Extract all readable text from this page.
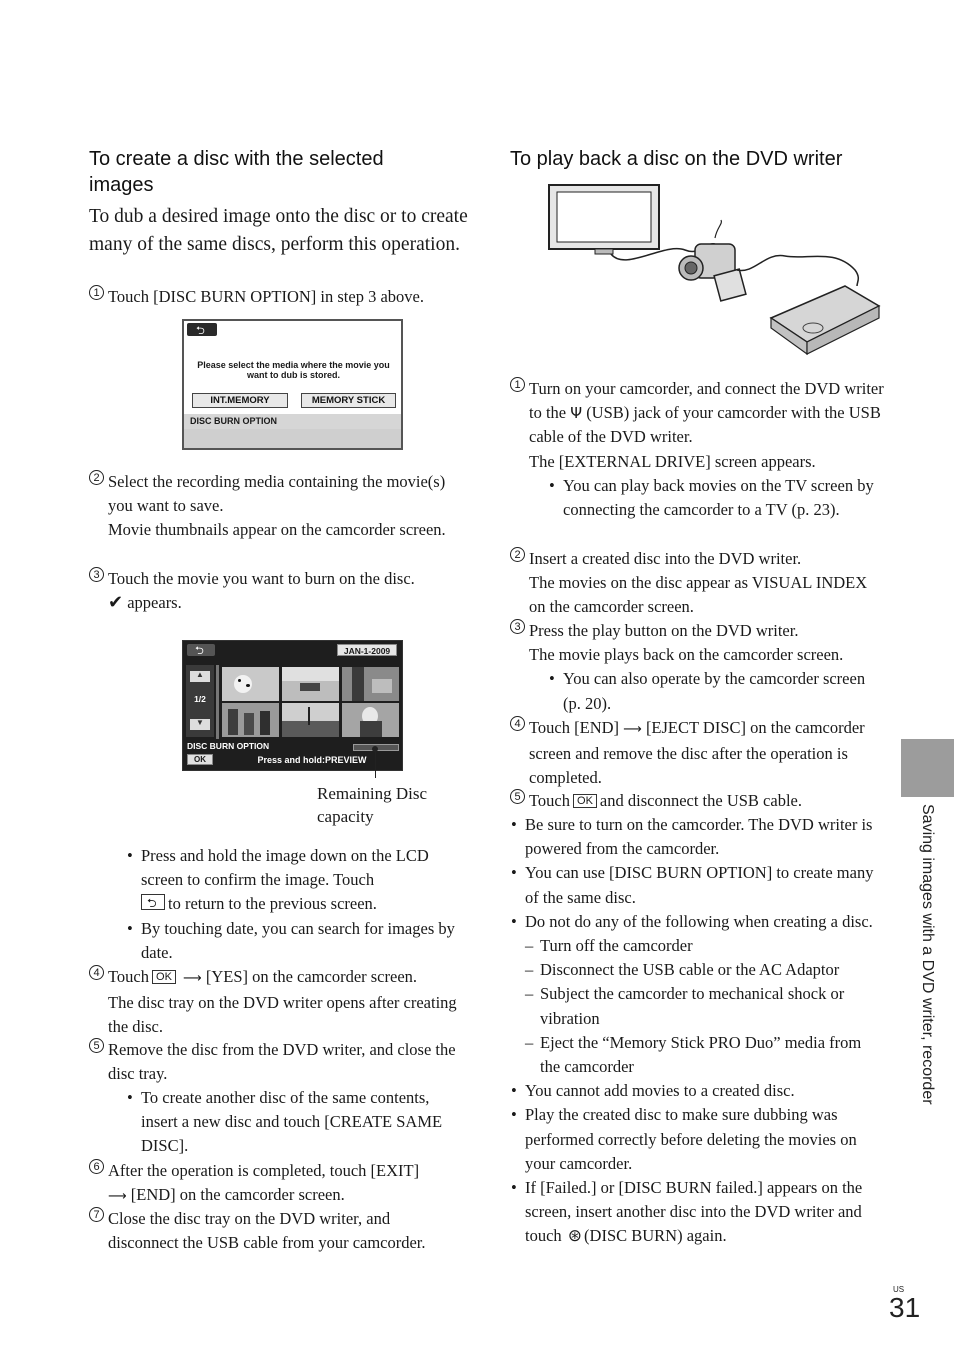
To create a disc with the selected images
To dub a desired image onto the disc or to create many of the same discs, perform this operation.
1 Touch [DISC BURN OPTION] in step 3 above.
⮌
Please select the media where the movie you want to dub is stored.
INT.MEMORY	MEMORY STICK
DISC BURN OPTION
2 Select the recording media containing the movie(s) you want to save.
Movie thumbnails appear on the camcorder screen.
3 Touch the movie you want to burn on the disc.
✔ appears.
⮌	JAN-1-2009
▲
1/2
▼
DISC BURN OPTION
OK	Press and hold:PREVIEW
Remaining Disc capacity
• Press and hold the image down on the LCD screen to confirm the image. Touch

⮌ to return to the previous screen.
• By touching date, you can search for images by date.
4 Touch OK ⟶ [YES] on the camcorder screen.
The disc tray on the DVD writer opens after creating the disc.
5 Remove the disc from the DVD writer, and close the disc tray.
• To create another disc of the same contents, insert a new disc and touch [CREATE SAME DISC].
6 After the operation is completed, touch [EXIT]
⟶ [END] on the camcorder screen.
7 Close the disc tray on the DVD writer, and disconnect the USB cable from your camcorder.
To play back a disc on the DVD writer
1 Turn on your camcorder, and connect the DVD writer to the Ψ (USB) jack of your camcorder with the USB cable of the DVD writer.
The [EXTERNAL DRIVE] screen appears.
• You can play back movies on the TV screen by connecting the camcorder to a TV (p. 23).
2 Insert a created disc into the DVD writer.
The movies on the disc appear as VISUAL INDEX on the camcorder screen.
3 Press the play button on the DVD writer.
The movie plays back on the camcorder screen.
• You can also operate by the camcorder screen (p. 20).
4 Touch [END] ⟶ [EJECT DISC] on the camcorder screen and remove the disc after the operation is completed.
5 Touch OK and disconnect the USB cable.
• Be sure to turn on the camcorder. The DVD writer is powered from the camcorder.
• You can use [DISC BURN OPTION] to create many of the same disc.
• Do not do any of the following when creating a disc.
– Turn off the camcorder
– Disconnect the USB cable or the AC Adaptor
– Subject the camcorder to mechanical shock or vibration
– Eject the “Memory Stick PRO Duo” media from the camcorder
• You cannot add movies to a created disc.
• Play the created disc to make sure dubbing was performed correctly before deleting the movies on your camcorder.
• If [Failed.] or [DISC BURN failed.] appears on the screen, insert another disc into the DVD writer and touch ⊛ (DISC BURN) again.
Saving images with a DVD writer, recorder
US
31
